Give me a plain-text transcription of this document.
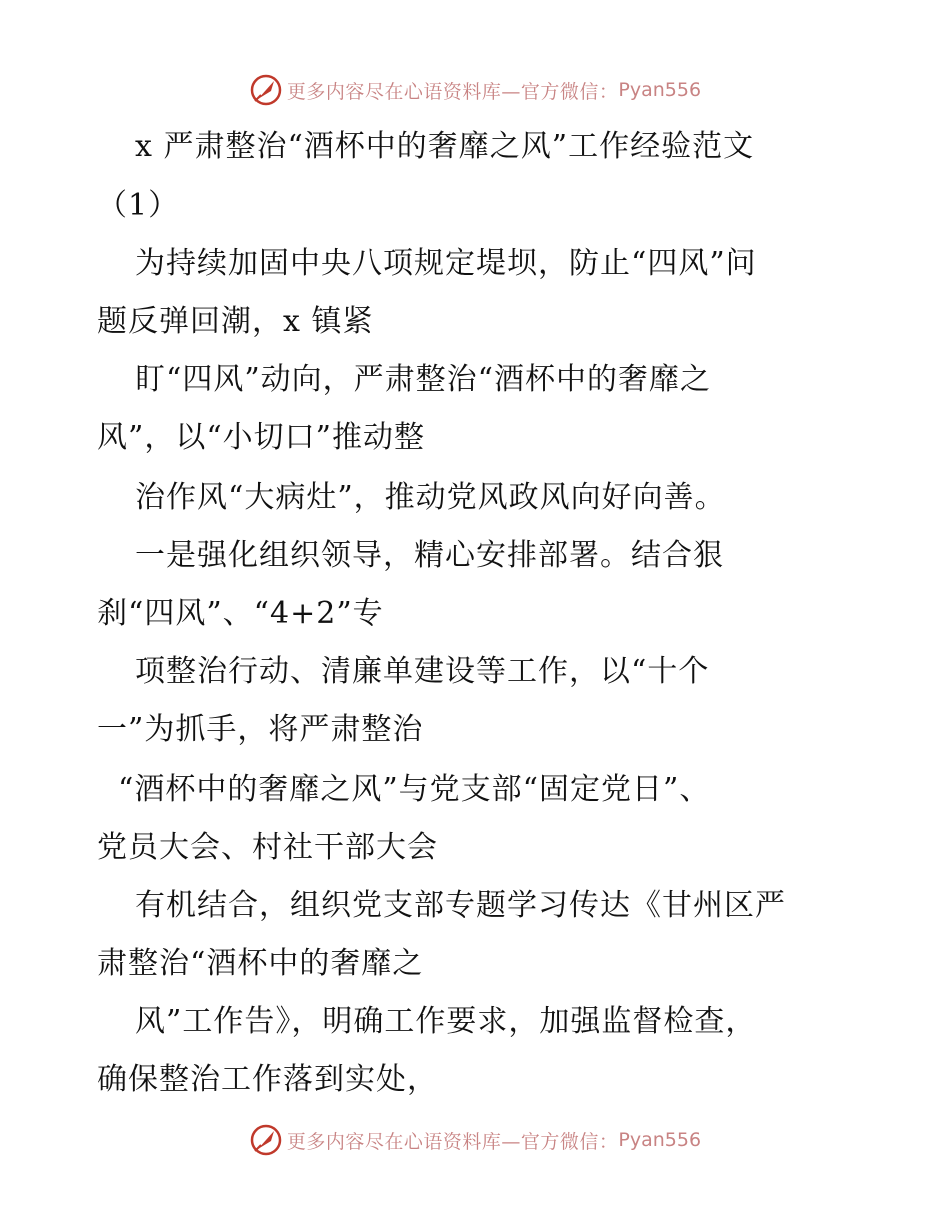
更多内容尽在心语资料库—官方微信： Pyan556
x 严肃整治“酒杯中的奢靡之风”工作经验范文
（1）
为持续加固中央八项规定堤坝，防止“四风”问
题反弹回潮，x 镇紧
盯“四风”动向，严肃整治“酒杯中的奢靡之
风”，以“小切口”推动整
治作风“大病灶”，推动党风政风向好向善。
一是强化组织领导，精心安排部署。结合狠
刹“四风”、“4+2”专
项整治行动、清廉单建设等工作，以“十个
一”为抓手，将严肃整治
“酒杯中的奢靡之风”与党支部“固定党日”、
党员大会、村社干部大会
有机结合，组织党支部专题学习传达《甘州区严
肃整治“酒杯中的奢靡之
风”工作告》，明确工作要求，加强监督检查，
确保整治工作落到实处，
更多内容尽在心语资料库—官方微信： Pyan556
